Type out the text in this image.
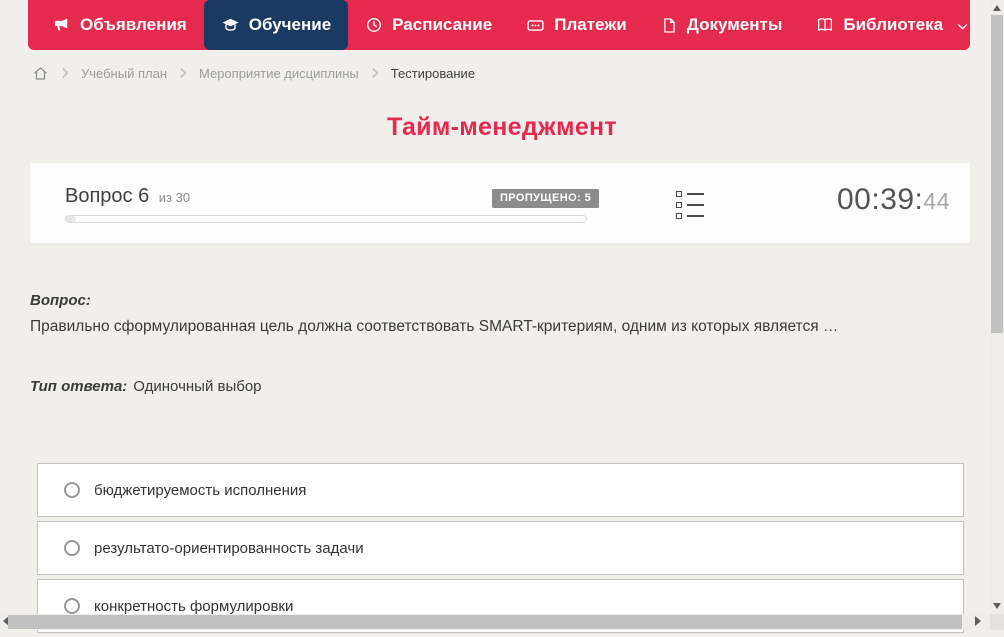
Объявления	Обучение	Расписание	Платежи	Документы	Библиотека
Учебный план Мероприятие дисциплины Тестирование
Тайм-менеджмент
Вопрос 6 из 30	ПРОПУЩЕНО: 5	00:39:44
Вопрос:
Правильно сформулированная цель должна соответствовать SMART-критериям, одним из которых является …
Тип ответа: Одиночный выбор
бюджетируемость исполнения
результато-ориентированность задачи
конкретность формулировки
